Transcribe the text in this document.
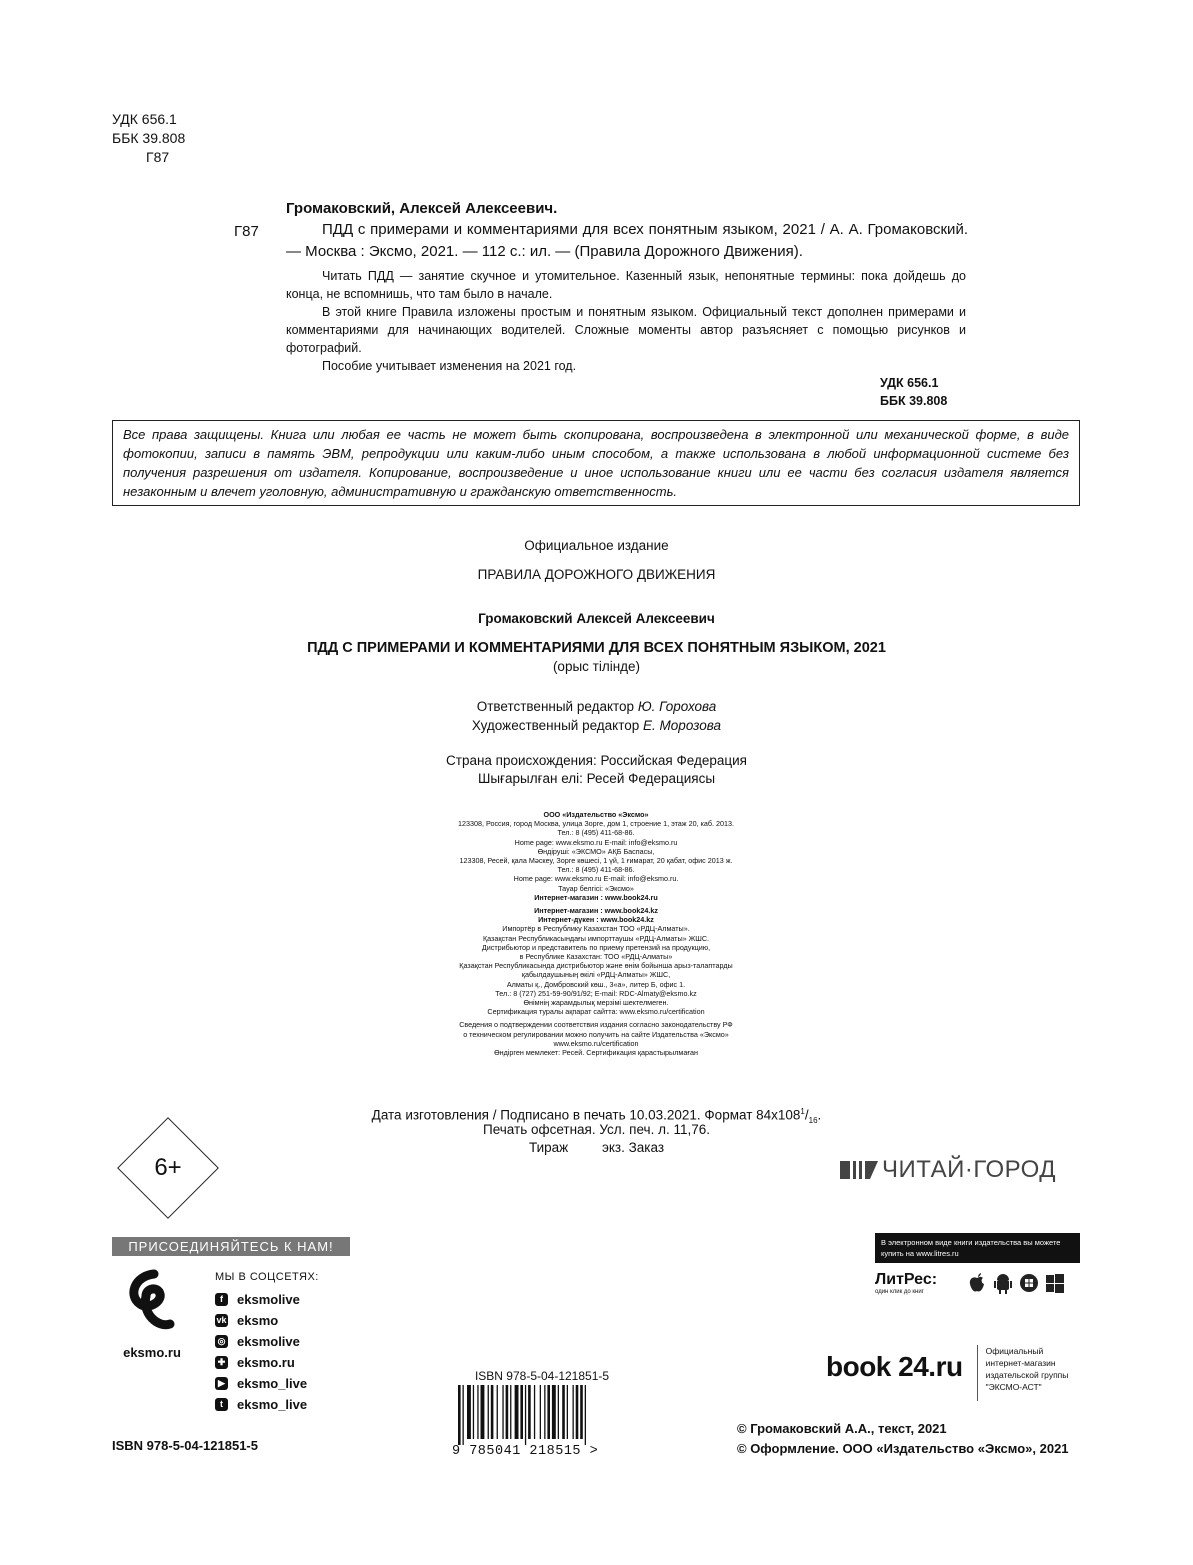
УДК 656.1
ББК 39.808
Г87
Громаковский, Алексей Алексеевич.
Г87	ПДД с примерами и комментариями для всех понятным языком, 2021 / А. А. Громаковский. — Москва : Эксмо, 2021. — 112 с.: ил. — (Правила Дорожного Движения).

Читать ПДД — занятие скучное и утомительное. Казенный язык, непонятные термины: пока дойдешь до конца, не вспомнишь, что там было в начале.

В этой книге Правила изложены простым и понятным языком. Официальный текст дополнен примерами и комментариями для начинающих водителей. Сложные моменты автор разъясняет с помощью рисунков и фотографий.

Пособие учитывает изменения на 2021 год.

УДК 656.1
ББК 39.808
Все права защищены. Книга или любая ее часть не может быть скопирована, воспроизведена в электронной или механической форме, в виде фотокопии, записи в память ЭВМ, репродукции или каким-либо иным способом, а также использована в любой информационной системе без получения разрешения от издателя. Копирование, воспроизведение и иное использование книги или ее части без согласия издателя является незаконным и влечет уголовную, административную и гражданскую ответственность.
Официальное издание
ПРАВИЛА ДОРОЖНОГО ДВИЖЕНИЯ
Громаковский Алексей Алексеевич
ПДД С ПРИМЕРАМИ И КОММЕНТАРИЯМИ ДЛЯ ВСЕХ ПОНЯТНЫМ ЯЗЫКОМ, 2021
(орыс тілінде)
Ответственный редактор Ю. Горохова
Художественный редактор Е. Морозова
Страна происхождения: Российская Федерация
Шығарылған елі: Ресей Федерациясы
ООО «Издательство «Эксмо»
123308, Россия, город Москва, улица Зорге, дом 1, строение 1, этаж 20, каб. 2013.
Тел.: 8 (495) 411-68-86.
Home page: www.eksmo.ru E-mail: info@eksmo.ru
Өндіруші: «ЭКСМО» АҚБ Баспасы,
123308, Ресей, қала Мәскеу, Зорге көшесі, 1 үй, 1 ғимарат, 20 қабат, офис 2013 ж.
Тел.: 8 (495) 411-68-86.
Home page: www.eksmo.ru E-mail: info@eksmo.ru.
Тауар белгісі: «Эксмо»
Интернет-магазин : www.book24.ru
Интернет-магазин : www.book24.kz
Интернет-дүкен : www.book24.kz
Импортёр в Республику Казахстан ТОО «РДЦ-Алматы».
Қазақстан Республикасындағы импорттаушы «РДЦ-Алматы» ЖШС.
Дистрибьютор и представитель по приему претензий на продукцию,
в Республике Казахстан: ТОО «РДЦ-Алматы»
Қазақстан Республикасында дистрибьютор және өнім бойынша арыз-талаптарды
қабылдаушының өкілі «РДЦ-Алматы» ЖШС,
Алматы қ., Домбровский көш., 3«а», литер Б, офис 1.
Тел.: 8 (727) 251-59-90/91/92; E-mail: RDC-Almaty@eksmo.kz
Өнімнің жарамдылық мерзімі шектелмеген.
Сертификация туралы ақпарат сайтта: www.eksmo.ru/certification
Сведения о подтверждении соответствия издания согласно законодательству РФ
о техническом регулировании можно получить на сайте Издательства «Эксмо»
www.eksmo.ru/certification
Өндірген мемлекет: Ресей. Сертификация қарастырылмаған
Дата изготовления / Подписано в печать 10.03.2021. Формат $84x108^1/_{16}$.
Печать офсетная. Усл. печ. л. 11,76.
Тираж         экз. Заказ
6+	ЧИТАЙ·ГОРОД
ПРИСОЕДИНЯЙТЕСЬ К НАМ!
eksmo.ru
МЫ В СОЦСЕТЯХ:
f	eksmolive
vk eksmo
◎ eksmolive
✚ eksmo.ru
▶ eksmo_live
t	eksmo_live
В электронном виде книги издательства вы можете
купить на www.litres.ru
ЛитРес:
один клик до книг
book 24.ru	Официальный
интернет-магазин
издательской группы
"ЭКСМО-АСТ"
ISBN 978-5-04-121851-5
9 785041 218515 >
ISBN 978-5-04-121851-5
© Громаковский А.А., текст, 2021
© Оформление. ООО «Издательство «Эксмо», 2021
